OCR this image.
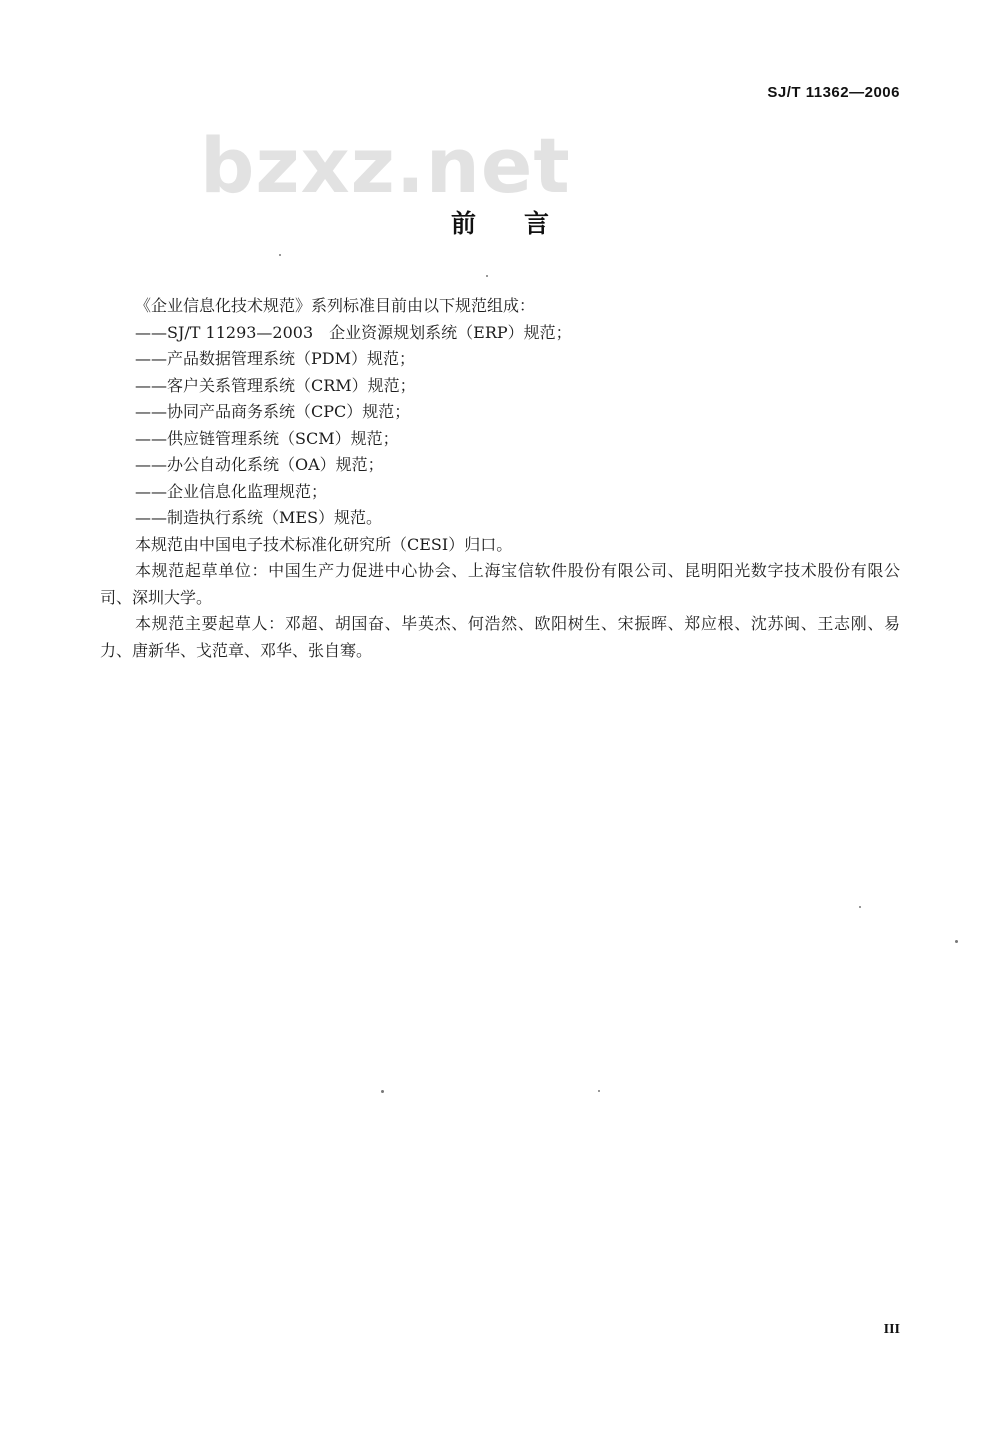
SJ/T 11362—2006
bzxz.net
前言

《企业信息化技术规范》系列标准目前由以下规范组成：

——SJ/T 11293—2003　企业资源规划系统（ERP）规范；
——产品数据管理系统（PDM）规范；
——客户关系管理系统（CRM）规范；
——协同产品商务系统（CPC）规范；
——供应链管理系统（SCM）规范；
——办公自动化系统（OA）规范；
——企业信息化监理规范；
——制造执行系统（MES）规范。

本规范由中国电子技术标准化研究所（CESI）归口。

本规范起草单位：中国生产力促进中心协会、上海宝信软件股份有限公司、昆明阳光数字技术股份有限公司、深圳大学。

本规范主要起草人：邓超、胡国奋、毕英杰、何浩然、欧阳树生、宋振晖、郑应根、沈苏闽、王志刚、易力、唐新华、戈范章、邓华、张自骞。

III
